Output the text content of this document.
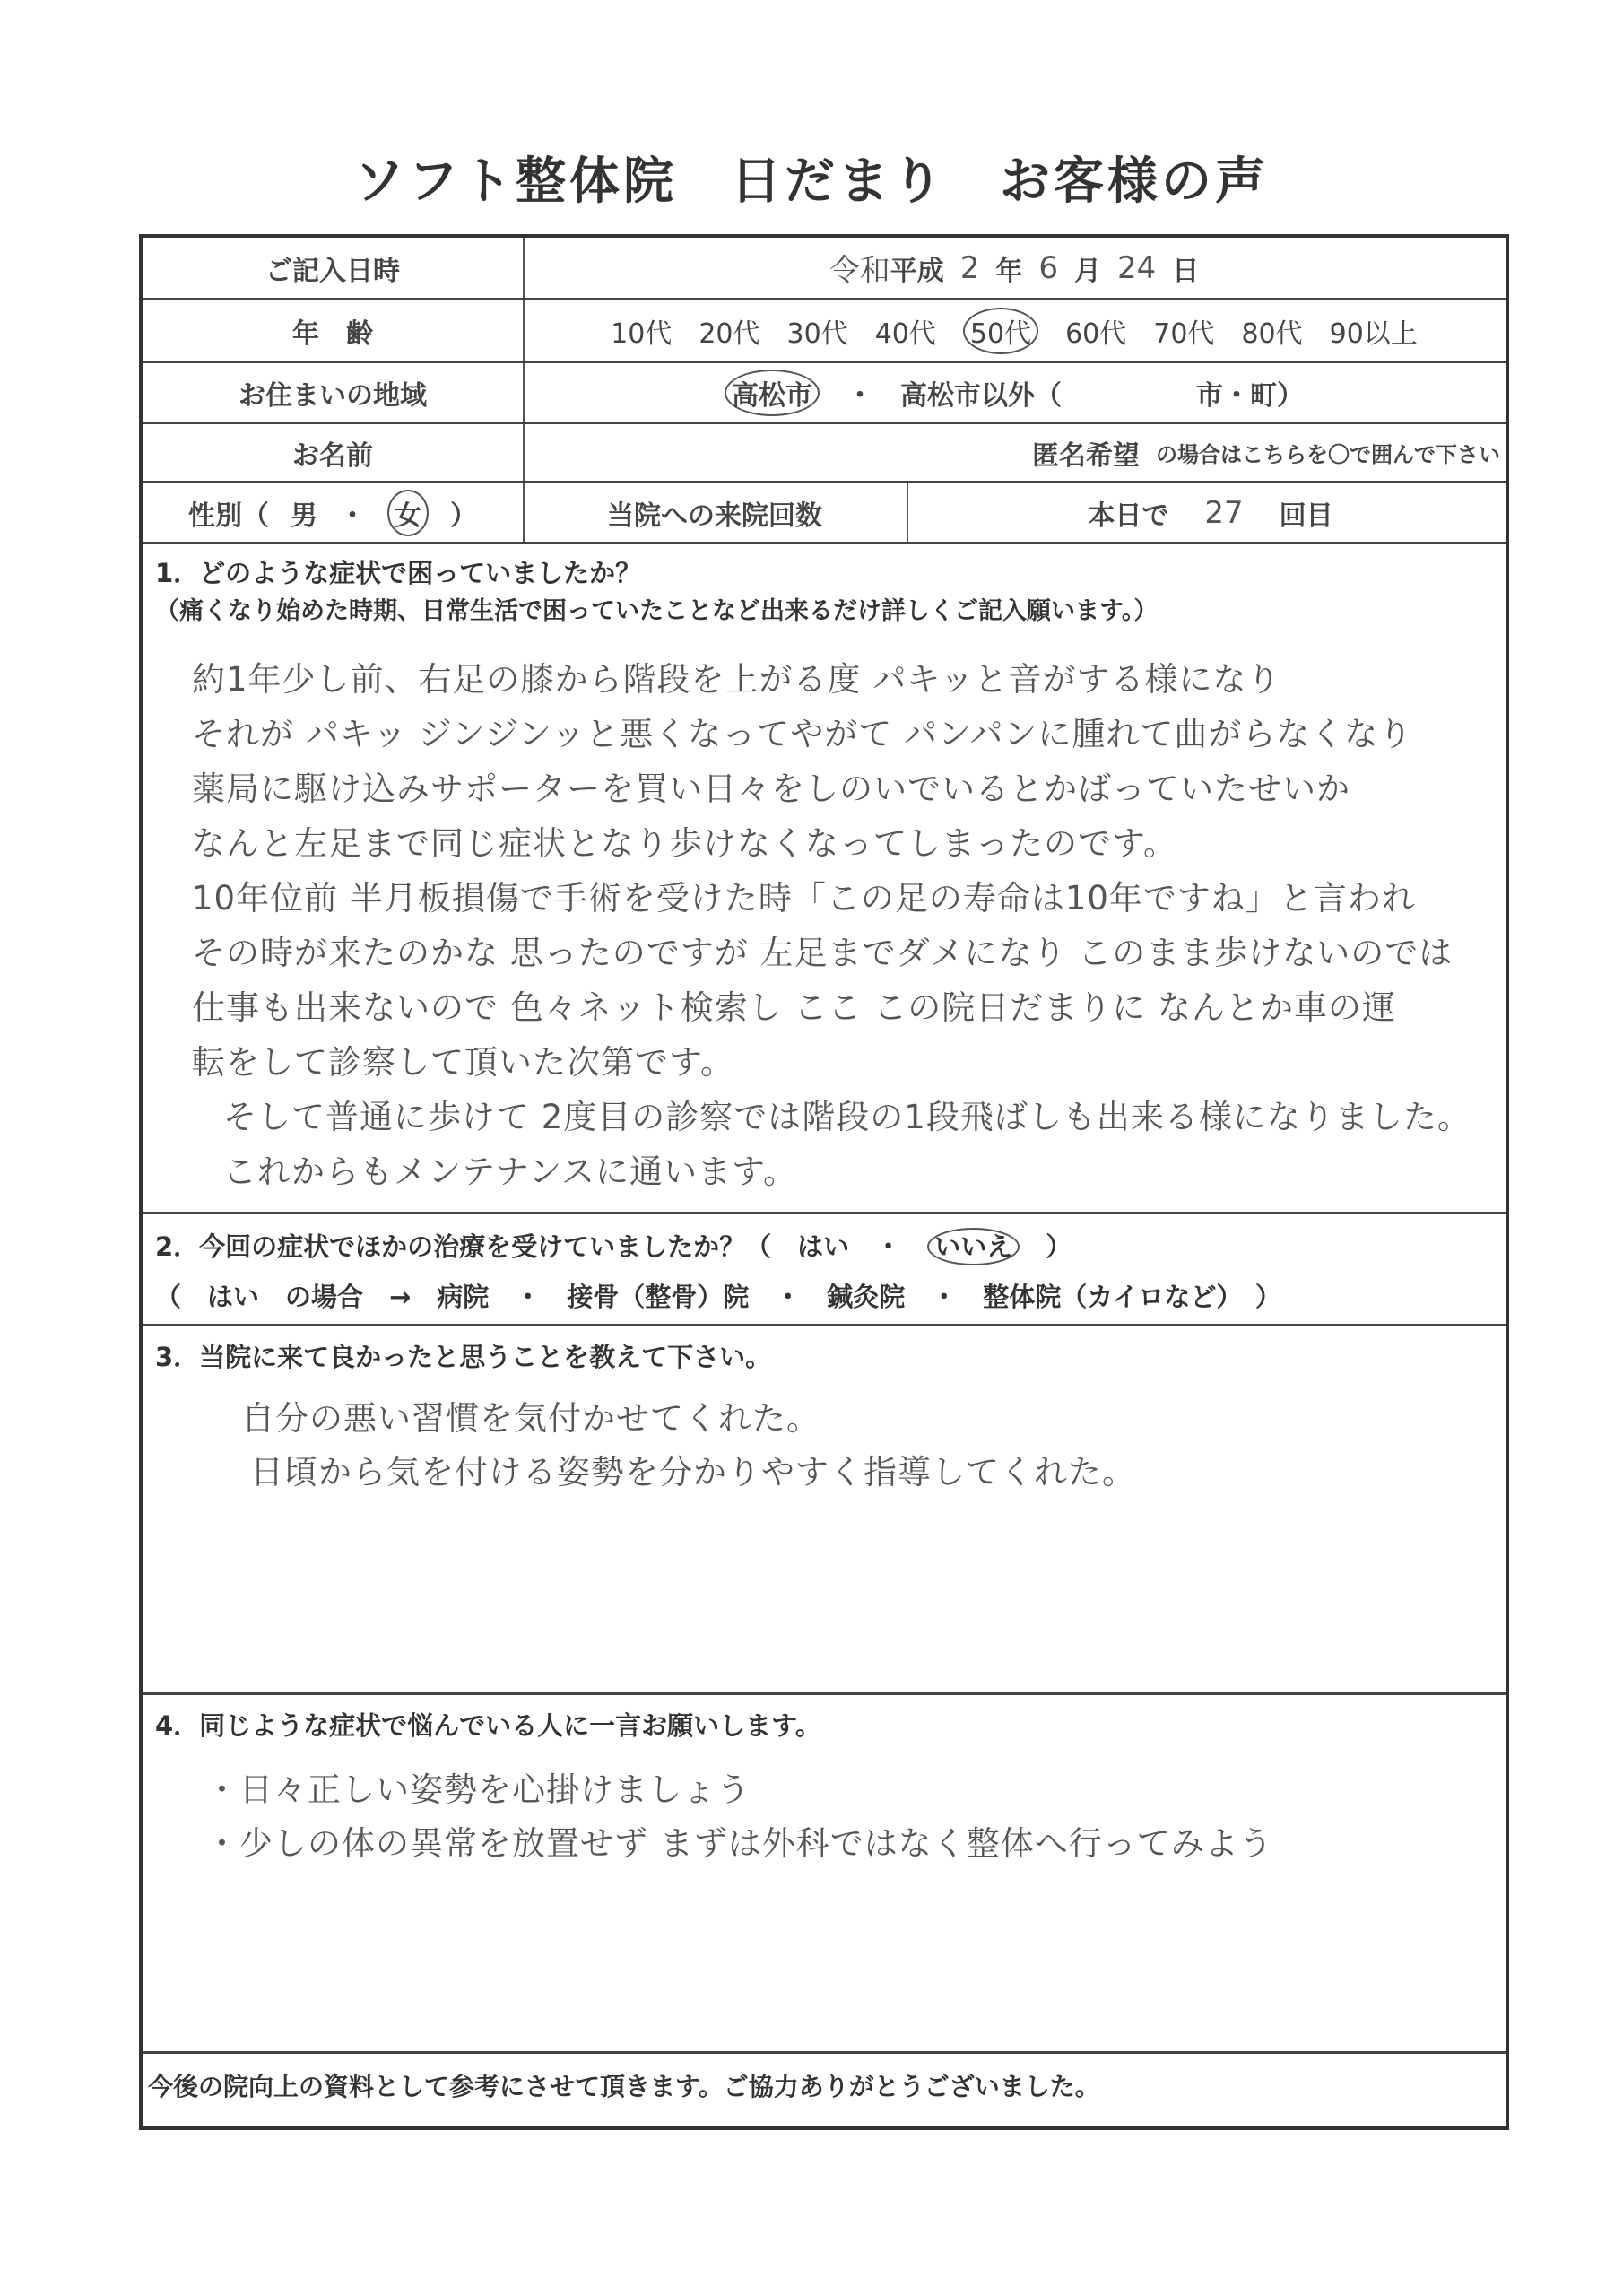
ソフト整体院　日だまり　お客様の声
ご記入日時	令和 平成 2 年 6 月 24 日
年　齢	10代 20代 30代 40代 50代 60代 70代 80代 90以上
お住まいの地域	高松市 ・ 高松市以外（	市・町）
お名前	匿名希望 の場合はこちらを〇で囲んで下さい
性別（ 男 ・ 女 ）	当院への来院回数	本日で 27 回目
1．どのような症状で困っていましたか？
（痛くなり始めた時期、日常生活で困っていたことなど出来るだけ詳しくご記入願います。）
約1年少し前、右足の膝から階段を上がる度 パキッと音がする様になり
それが パキッ ジンジンッと悪くなってやがて パンパンに腫れて曲がらなくなり
薬局に駆け込みサポーターを買い日々をしのいでいるとかばっていたせいか
なんと左足まで同じ症状となり歩けなくなってしまったのです。
10年位前 半月板損傷で手術を受けた時「この足の寿命は10年ですね」と言われ
その時が来たのかな 思ったのですが 左足までダメになり このまま歩けないのでは
仕事も出来ないので 色々ネット検索し ここ この院日だまりに なんとか車の運
転をして診察して頂いた次第です。
そして普通に歩けて 2度目の診察では階段の1段飛ばしも出来る様になりました。
これからもメンテナンスに通います。
2．今回の症状でほかの治療を受けていましたか？（　はい　・　いいえ　）
（　はい　の場合　→　病院　・　接骨（整骨）院　・　鍼灸院　・　整体院（カイロなど）　）
3．当院に来て良かったと思うことを教えて下さい。
自分の悪い習慣を気付かせてくれた。
日頃から気を付ける姿勢を分かりやすく指導してくれた。
4．同じような症状で悩んでいる人に一言お願いします。
・日々正しい姿勢を心掛けましょう
・少しの体の異常を放置せず まずは外科ではなく整体へ行ってみよう
今後の院向上の資料として参考にさせて頂きます。ご協力ありがとうございました。
